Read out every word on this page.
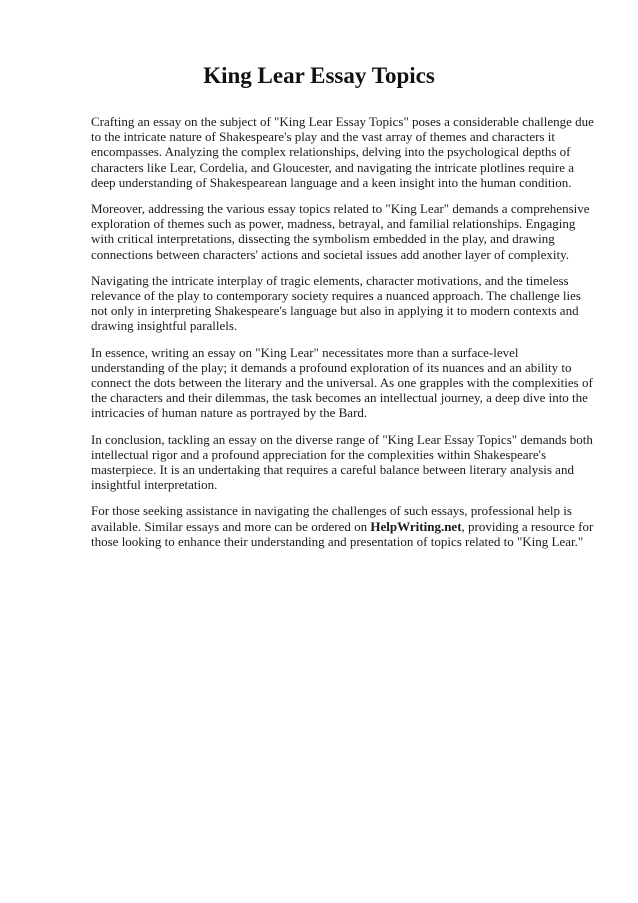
King Lear Essay Topics

Crafting an essay on the subject of "King Lear Essay Topics" poses a considerable challenge due to the intricate nature of Shakespeare's play and the vast array of themes and characters it encompasses. Analyzing the complex relationships, delving into the psychological depths of characters like Lear, Cordelia, and Gloucester, and navigating the intricate plotlines require a deep understanding of Shakespearean language and a keen insight into the human condition.

Moreover, addressing the various essay topics related to "King Lear" demands a comprehensive exploration of themes such as power, madness, betrayal, and familial relationships. Engaging with critical interpretations, dissecting the symbolism embedded in the play, and drawing connections between characters' actions and societal issues add another layer of complexity.

Navigating the intricate interplay of tragic elements, character motivations, and the timeless relevance of the play to contemporary society requires a nuanced approach. The challenge lies not only in interpreting Shakespeare's language but also in applying it to modern contexts and drawing insightful parallels.

In essence, writing an essay on "King Lear" necessitates more than a surface-level understanding of the play; it demands a profound exploration of its nuances and an ability to connect the dots between the literary and the universal. As one grapples with the complexities of the characters and their dilemmas, the task becomes an intellectual journey, a deep dive into the intricacies of human nature as portrayed by the Bard.

In conclusion, tackling an essay on the diverse range of "King Lear Essay Topics" demands both intellectual rigor and a profound appreciation for the complexities within Shakespeare's masterpiece. It is an undertaking that requires a careful balance between literary analysis and insightful interpretation.

For those seeking assistance in navigating the challenges of such essays, professional help is available. Similar essays and more can be ordered on HelpWriting.net, providing a resource for those looking to enhance their understanding and presentation of topics related to "King Lear."
